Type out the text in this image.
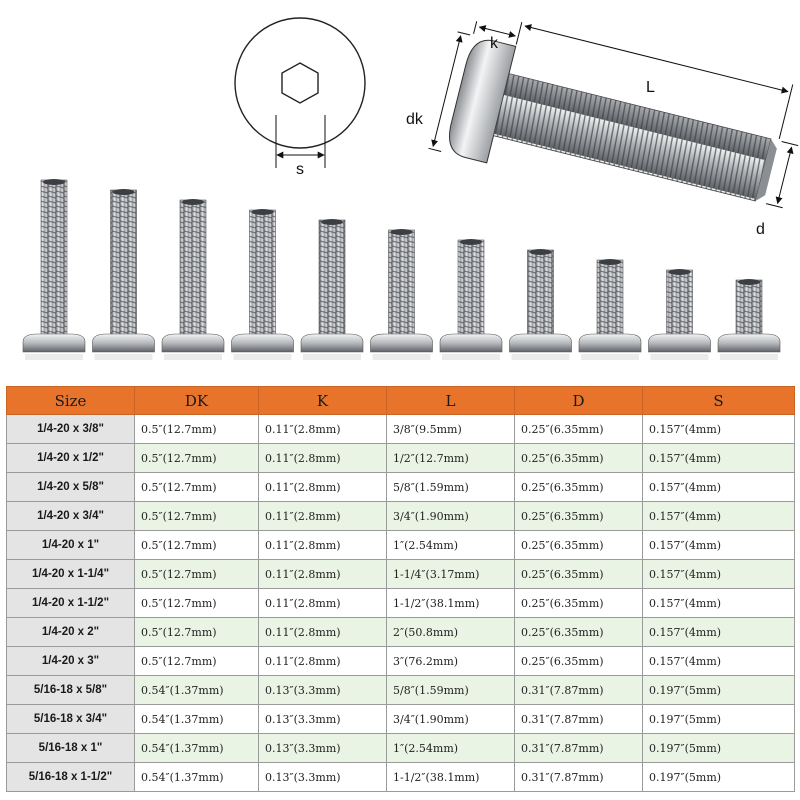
s
k
dk
L
d
Size	DK	K	L	D	S
1/4-20 x 3/8"	0.5″(12.7mm)	0.11″(2.8mm)	3/8″(9.5mm)	0.25″(6.35mm)	0.157″(4mm)
1/4-20 x 1/2"	0.5″(12.7mm)	0.11″(2.8mm)	1/2″(12.7mm)	0.25″(6.35mm)	0.157″(4mm)
1/4-20 x 5/8"	0.5″(12.7mm)	0.11″(2.8mm)	5/8″(1.59mm)	0.25″(6.35mm)	0.157″(4mm)
1/4-20 x 3/4"	0.5″(12.7mm)	0.11″(2.8mm)	3/4″(1.90mm)	0.25″(6.35mm)	0.157″(4mm)
1/4-20 x 1"	0.5″(12.7mm)	0.11″(2.8mm)	1″(2.54mm)	0.25″(6.35mm)	0.157″(4mm)
1/4-20 x 1-1/4"	0.5″(12.7mm)	0.11″(2.8mm)	1-1/4″(3.17mm)	0.25″(6.35mm)	0.157″(4mm)
1/4-20 x 1-1/2"	0.5″(12.7mm)	0.11″(2.8mm)	1-1/2″(38.1mm)	0.25″(6.35mm)	0.157″(4mm)
1/4-20 x 2"	0.5″(12.7mm)	0.11″(2.8mm)	2″(50.8mm)	0.25″(6.35mm)	0.157″(4mm)
1/4-20 x 3"	0.5″(12.7mm)	0.11″(2.8mm)	3″(76.2mm)	0.25″(6.35mm)	0.157″(4mm)
5/16-18 x 5/8"	0.54″(1.37mm)	0.13″(3.3mm)	5/8″(1.59mm)	0.31″(7.87mm)	0.197″(5mm)
5/16-18 x 3/4"	0.54″(1.37mm)	0.13″(3.3mm)	3/4″(1.90mm)	0.31″(7.87mm)	0.197″(5mm)
5/16-18 x 1"	0.54″(1.37mm)	0.13″(3.3mm)	1″(2.54mm)	0.31″(7.87mm)	0.197″(5mm)
5/16-18 x 1-1/2"	0.54″(1.37mm)	0.13″(3.3mm)	1-1/2″(38.1mm)	0.31″(7.87mm)	0.197″(5mm)
